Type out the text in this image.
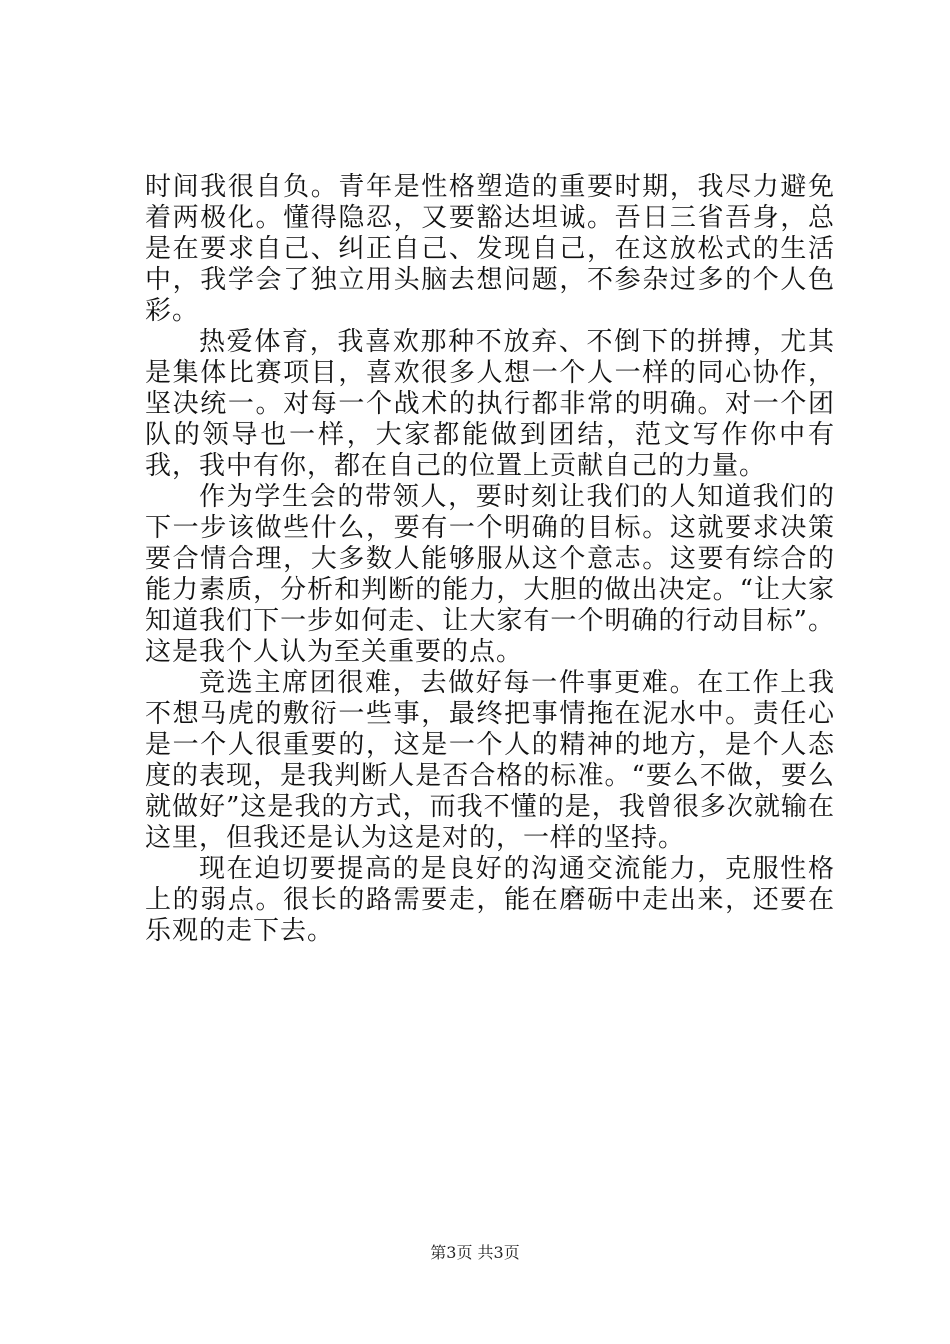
时间我很自负。青年是性格塑造的重要时期，我尽力避免着两极化。懂得隐忍，又要豁达坦诚。吾日三省吾身，总是在要求自己、纠正自己、发现自己，在这放松式的生活中，我学会了独立用头脑去想问题，不参杂过多的个人色彩。

热爱体育，我喜欢那种不放弃、不倒下的拼搏，尤其是集体比赛项目，喜欢很多人想一个人一样的同心协作，坚决统一。对每一个战术的执行都非常的明确。对一个团队的领导也一样，大家都能做到团结，范文写作你中有我，我中有你，都在自己的位置上贡献自己的力量。

作为学生会的带领人，要时刻让我们的人知道我们的下一步该做些什么，要有一个明确的目标。这就要求决策要合情合理，大多数人能够服从这个意志。这要有综合的能力素质，分析和判断的能力，大胆的做出决定。“让大家知道我们下一步如何走、让大家有一个明确的行动目标”。这是我个人认为至关重要的点。

竞选主席团很难，去做好每一件事更难。在工作上我不想马虎的敷衍一些事，最终把事情拖在泥水中。责任心是一个人很重要的，这是一个人的精神的地方，是个人态度的表现，是我判断人是否合格的标准。“要么不做，要么就做好”这是我的方式，而我不懂的是，我曾很多次就输在这里，但我还是认为这是对的，一样的坚持。

现在迫切要提高的是良好的沟通交流能力，克服性格上的弱点。很长的路需要走，能在磨砺中走出来，还要在乐观的走下去。

第3页 共3页
